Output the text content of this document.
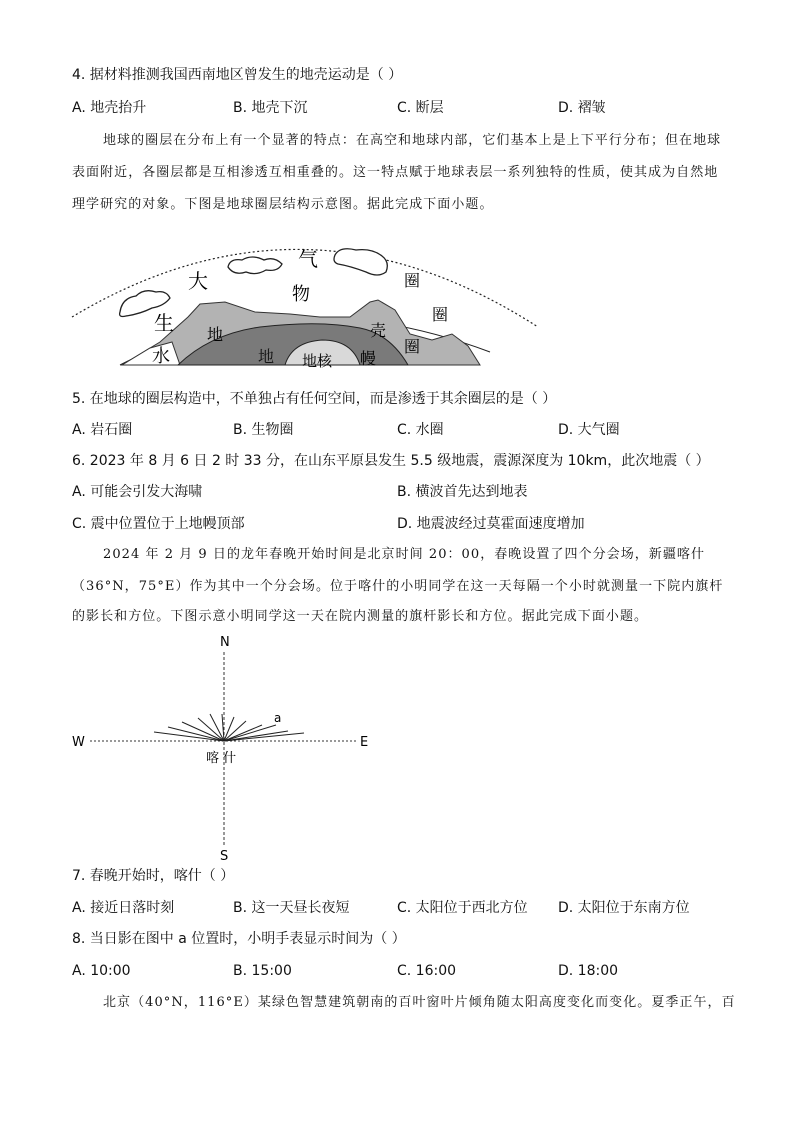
4. 据材料推测我国西南地区曾发生的地壳运动是（ ）
A. 地壳抬升	B. 地壳下沉	C. 断层	D. 褶皱
地球的圈层在分布上有一个显著的特点：在高空和地球内部，它们基本上是上下平行分布；但在地球
表面附近，各圈层都是互相渗透互相重叠的。这一特点赋于地球表层一系列独特的性质，使其成为自然地
理学研究的对象。下图是地球圈层结构示意图。据此完成下面小题。
大
气
物
圈
圈
圈
生
水
地	壳
地 地核 幔
5. 在地球的圈层构造中，不单独占有任何空间，而是渗透于其余圈层的是（ ）
A. 岩石圈	B. 生物圈	C. 水圈	D. 大气圈
6. 2023 年 8 月 6 日 2 时 33 分，在山东平原县发生 5.5 级地震，震源深度为 10km，此次地震（ ）
A. 可能会引发大海啸	B. 横波首先达到地表
C. 震中位置位于上地幔顶部	D. 地震波经过莫霍面速度增加
2024 年 2 月 9 日的龙年春晚开始时间是北京时间 20：00，春晚设置了四个分会场，新疆喀什
（36°N，75°E）作为其中一个分会场。位于喀什的小明同学在这一天每隔一个小时就测量一下院内旗杆
的影长和方位。下图示意小明同学这一天在院内测量的旗杆影长和方位。据此完成下面小题。
N
S
W	E
a
喀 什
7. 春晚开始时，喀什（ ）
A. 接近日落时刻	B. 这一天昼长夜短	C. 太阳位于西北方位 D. 太阳位于东南方位
8. 当日影在图中 a 位置时，小明手表显示时间为（ ）
A. 10:00	B. 15:00	C. 16:00	D. 18:00
北京（40°N，116°E）某绿色智慧建筑朝南的百叶窗叶片倾角随太阳高度变化而变化。夏季正午，百
